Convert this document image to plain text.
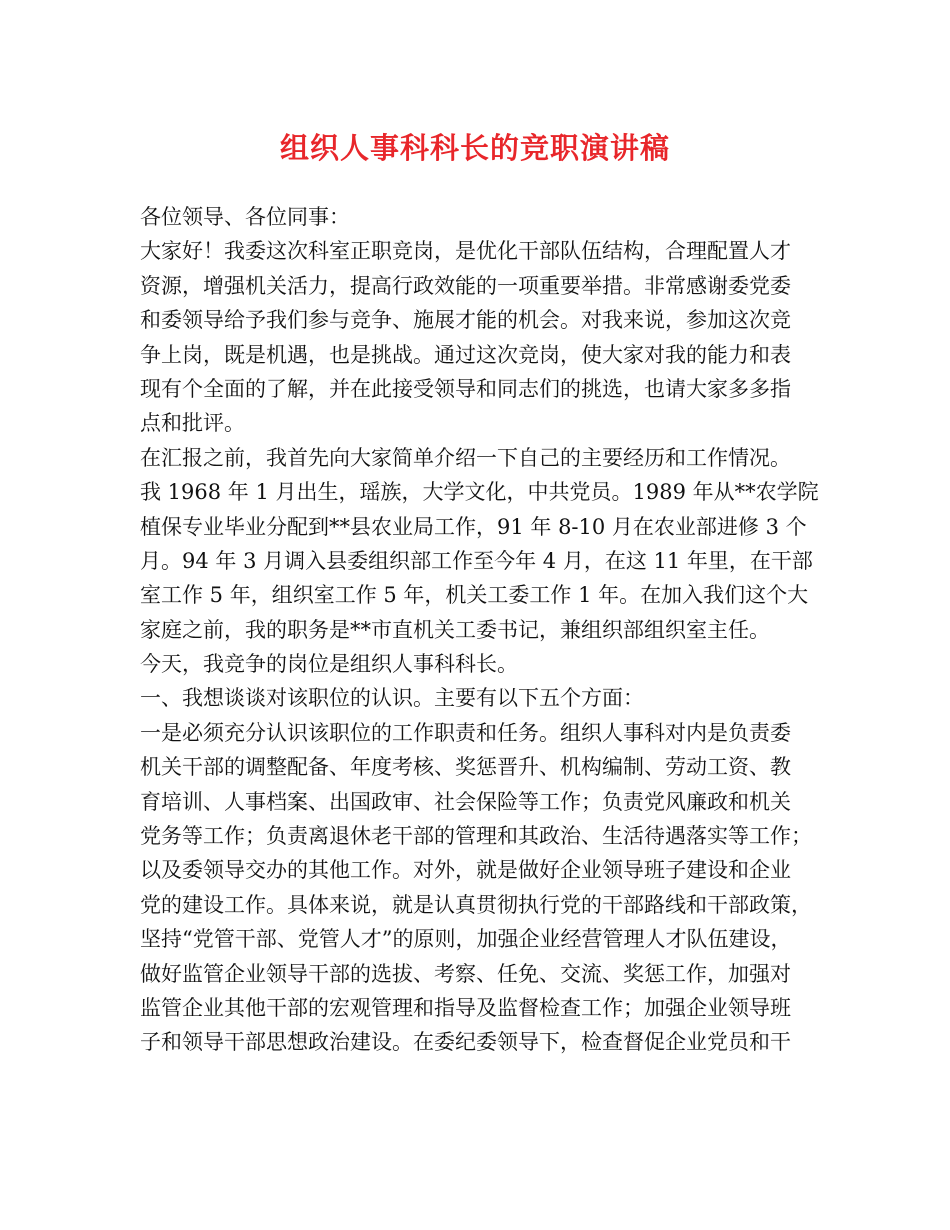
组织人事科科长的竞职演讲稿
各位领导、各位同事：
大家好！我委这次科室正职竞岗，是优化干部队伍结构，合理配置人才
资源，增强机关活力，提高行政效能的一项重要举措。非常感谢委党委
和委领导给予我们参与竞争、施展才能的机会。对我来说，参加这次竞
争上岗，既是机遇，也是挑战。通过这次竞岗，使大家对我的能力和表
现有个全面的了解，并在此接受领导和同志们的挑选，也请大家多多指
点和批评。
在汇报之前，我首先向大家简单介绍一下自己的主要经历和工作情况。
我 1968 年 1 月出生，瑶族，大学文化，中共党员。1989 年从**农学院
植保专业毕业分配到**县农业局工作，91 年 8-10 月在农业部进修 3 个
月。94 年 3 月调入县委组织部工作至今年 4 月，在这 11 年里，在干部
室工作 5 年，组织室工作 5 年，机关工委工作 1 年。在加入我们这个大
家庭之前，我的职务是**市直机关工委书记，兼组织部组织室主任。
今天，我竞争的岗位是组织人事科科长。
一、我想谈谈对该职位的认识。主要有以下五个方面：
一是必须充分认识该职位的工作职责和任务。组织人事科对内是负责委
机关干部的调整配备、年度考核、奖惩晋升、机构编制、劳动工资、教
育培训、人事档案、出国政审、社会保险等工作；负责党风廉政和机关
党务等工作；负责离退休老干部的管理和其政治、生活待遇落实等工作；
以及委领导交办的其他工作。对外，就是做好企业领导班子建设和企业
党的建设工作。具体来说，就是认真贯彻执行党的干部路线和干部政策，
坚持“党管干部、党管人才”的原则，加强企业经营管理人才队伍建设，
做好监管企业领导干部的选拔、考察、任免、交流、奖惩工作，加强对
监管企业其他干部的宏观管理和指导及监督检查工作；加强企业领导班
子和领导干部思想政治建设。在委纪委领导下，检查督促企业党员和干
